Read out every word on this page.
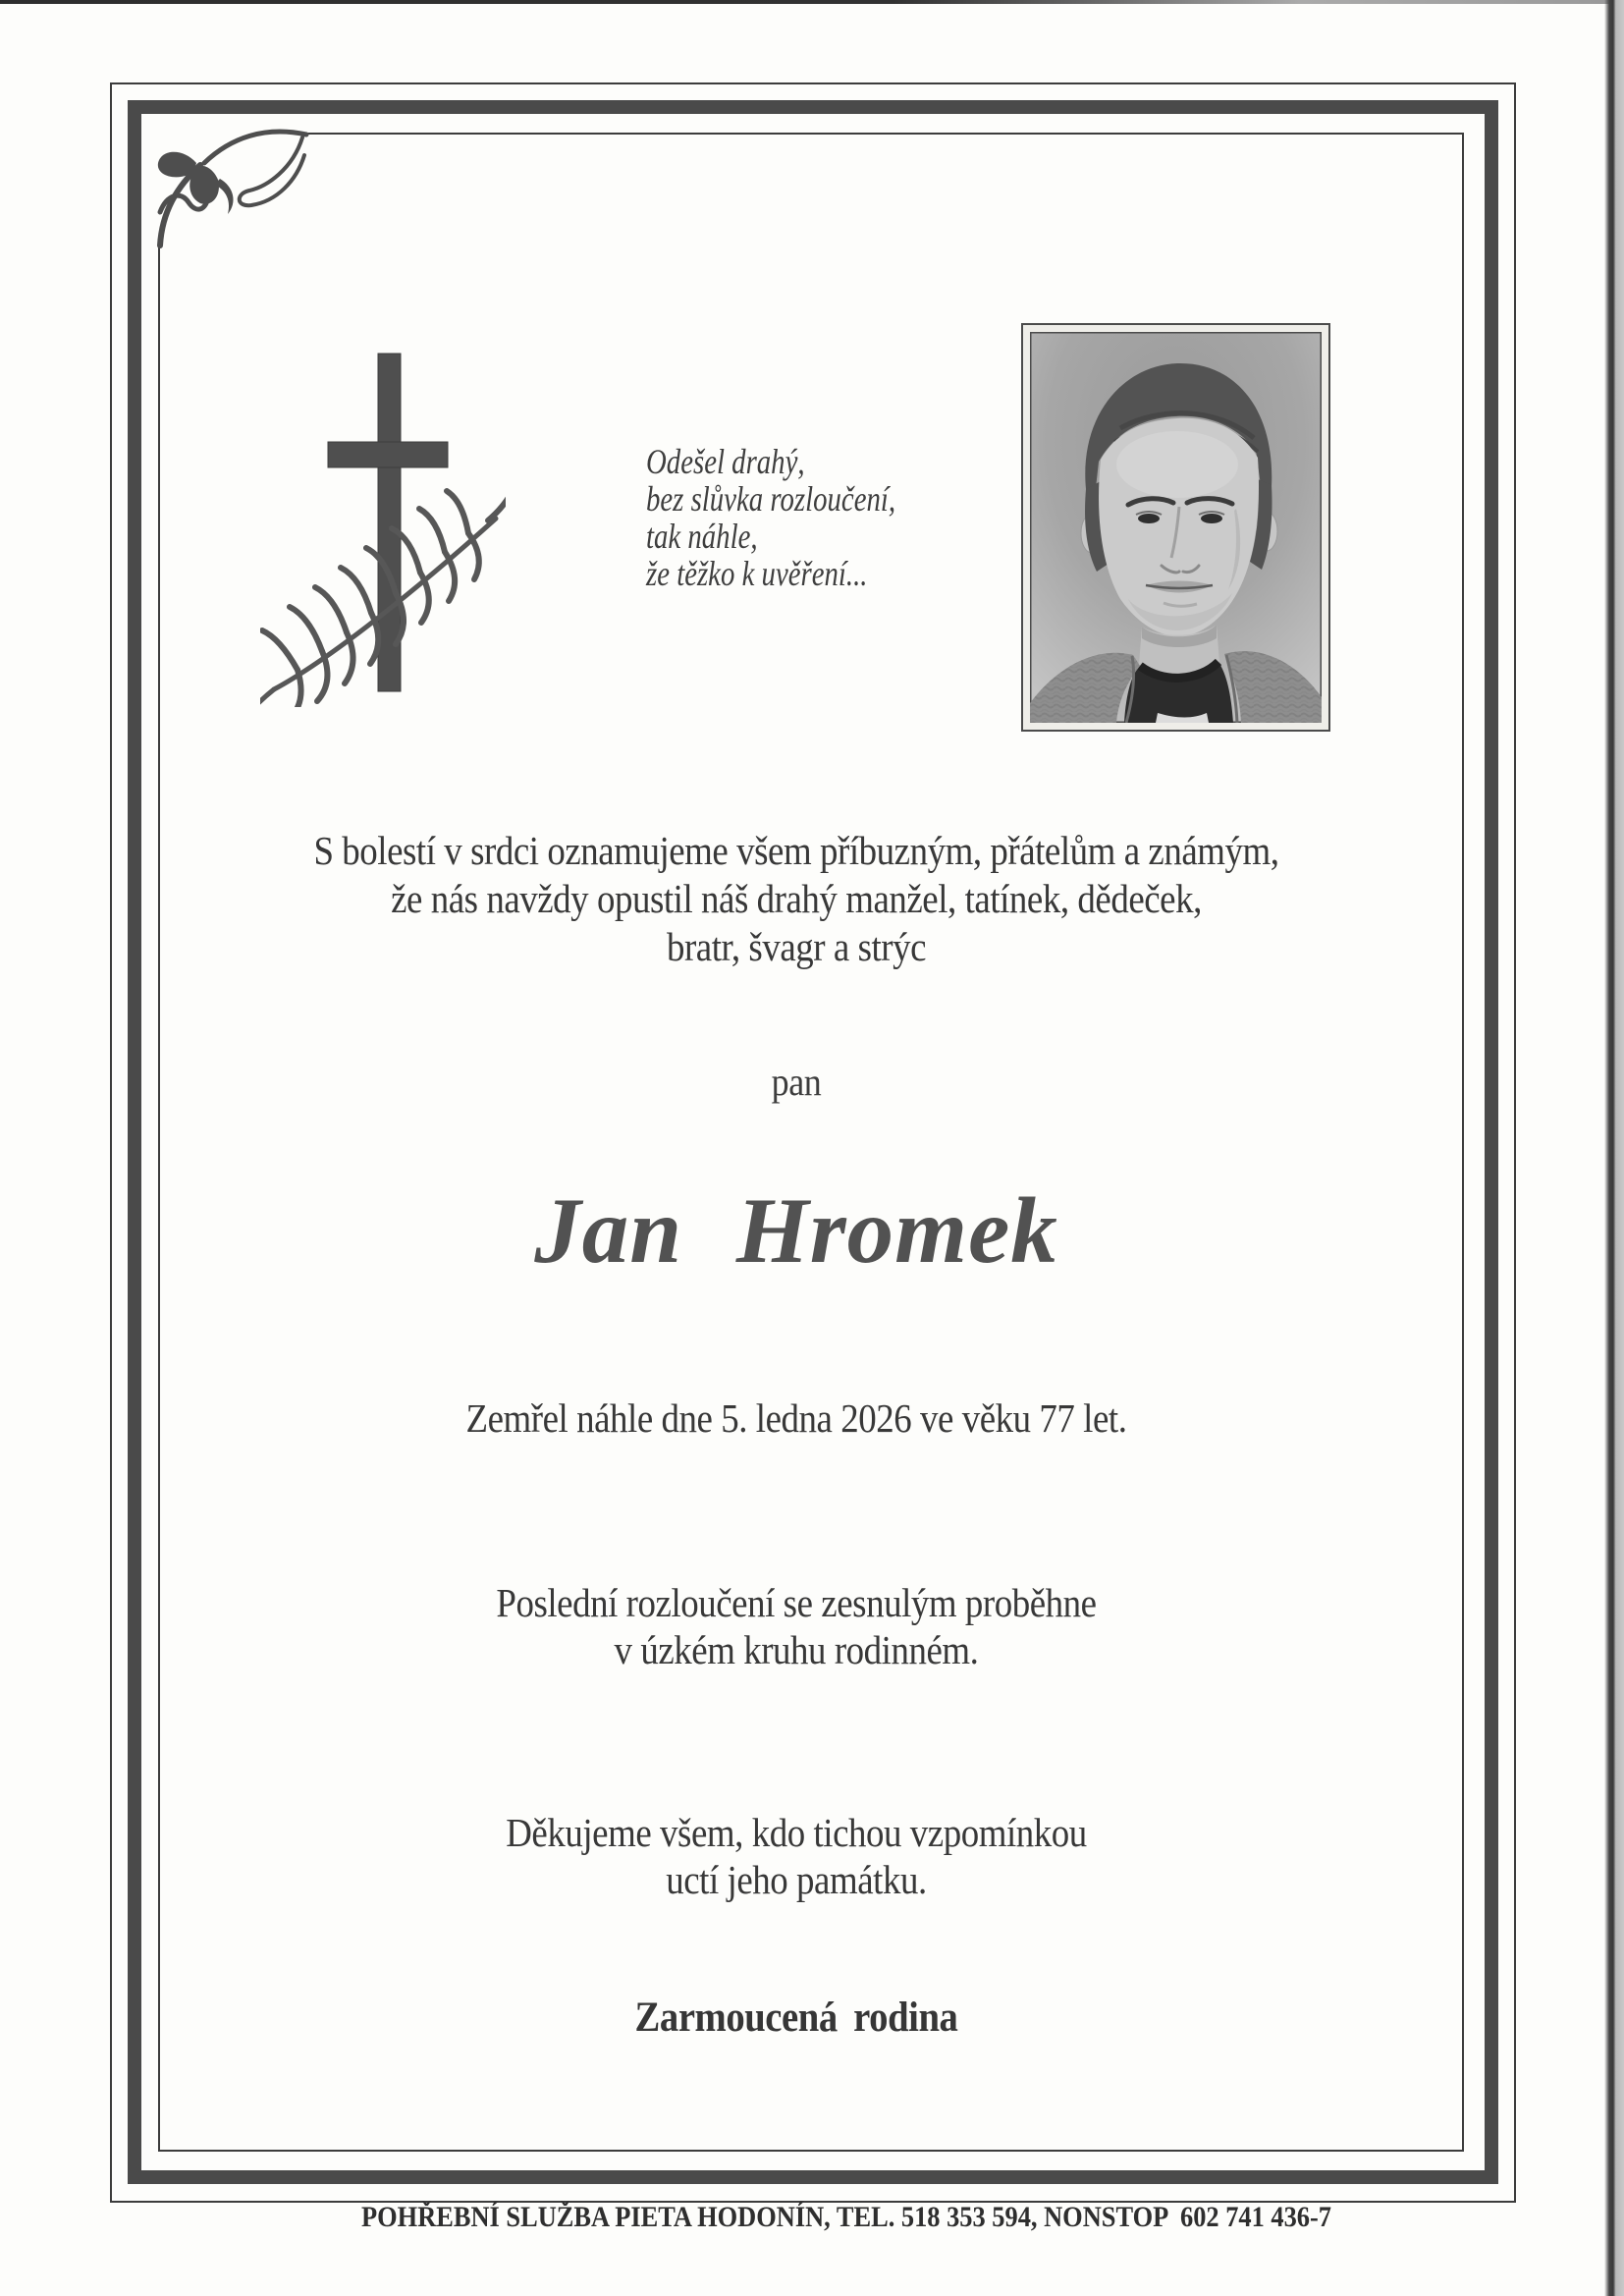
Odešel drahý,
bez slůvka rozloučení,
tak náhle,
že těžko k uvěření...
S bolestí v srdci oznamujeme všem příbuzným, přátelům a známým,
že nás navždy opustil náš drahý manžel, tatínek, dědeček,
bratr, švagr a strýc
pan
Jan Hromek
Zemřel náhle dne 5. ledna 2026 ve věku 77 let.
Poslední rozloučení se zesnulým proběhne
v úzkém kruhu rodinném.
Děkujeme všem, kdo tichou vzpomínkou
uctí jeho památku.
Zarmoucená rodina
POHŘEBNÍ SLUŽBA PIETA HODONÍN, TEL. 518 353 594, NONSTOP  602 741 436-7
